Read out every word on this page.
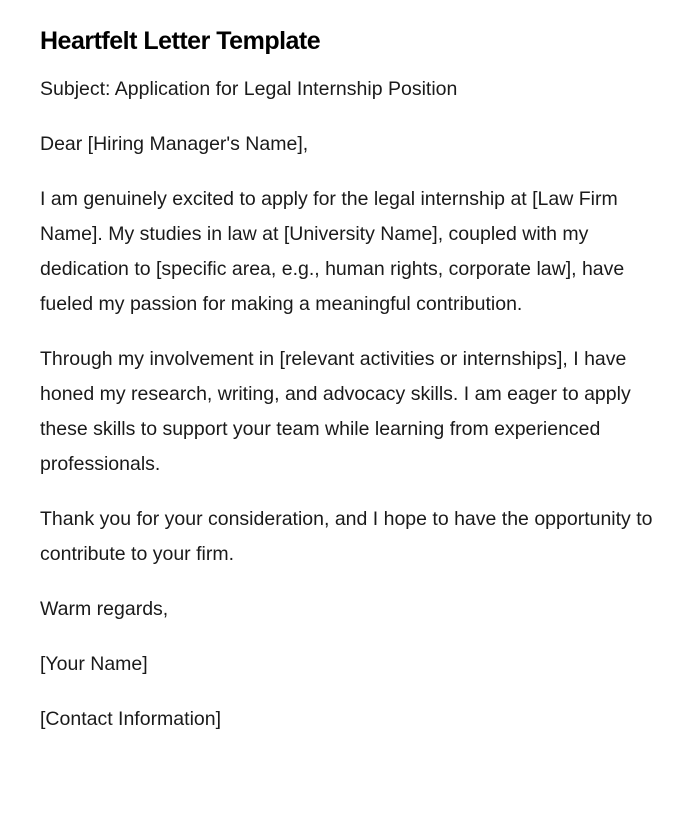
Heartfelt Letter Template

Subject: Application for Legal Internship Position

Dear [Hiring Manager's Name],

I am genuinely excited to apply for the legal internship at [Law Firm Name]. My studies in law at [University Name], coupled with my dedication to [specific area, e.g., human rights, corporate law], have fueled my passion for making a meaningful contribution.

Through my involvement in [relevant activities or internships], I have honed my research, writing, and advocacy skills. I am eager to apply these skills to support your team while learning from experienced professionals.

Thank you for your consideration, and I hope to have the opportunity to contribute to your firm.

Warm regards,

[Your Name]

[Contact Information]
